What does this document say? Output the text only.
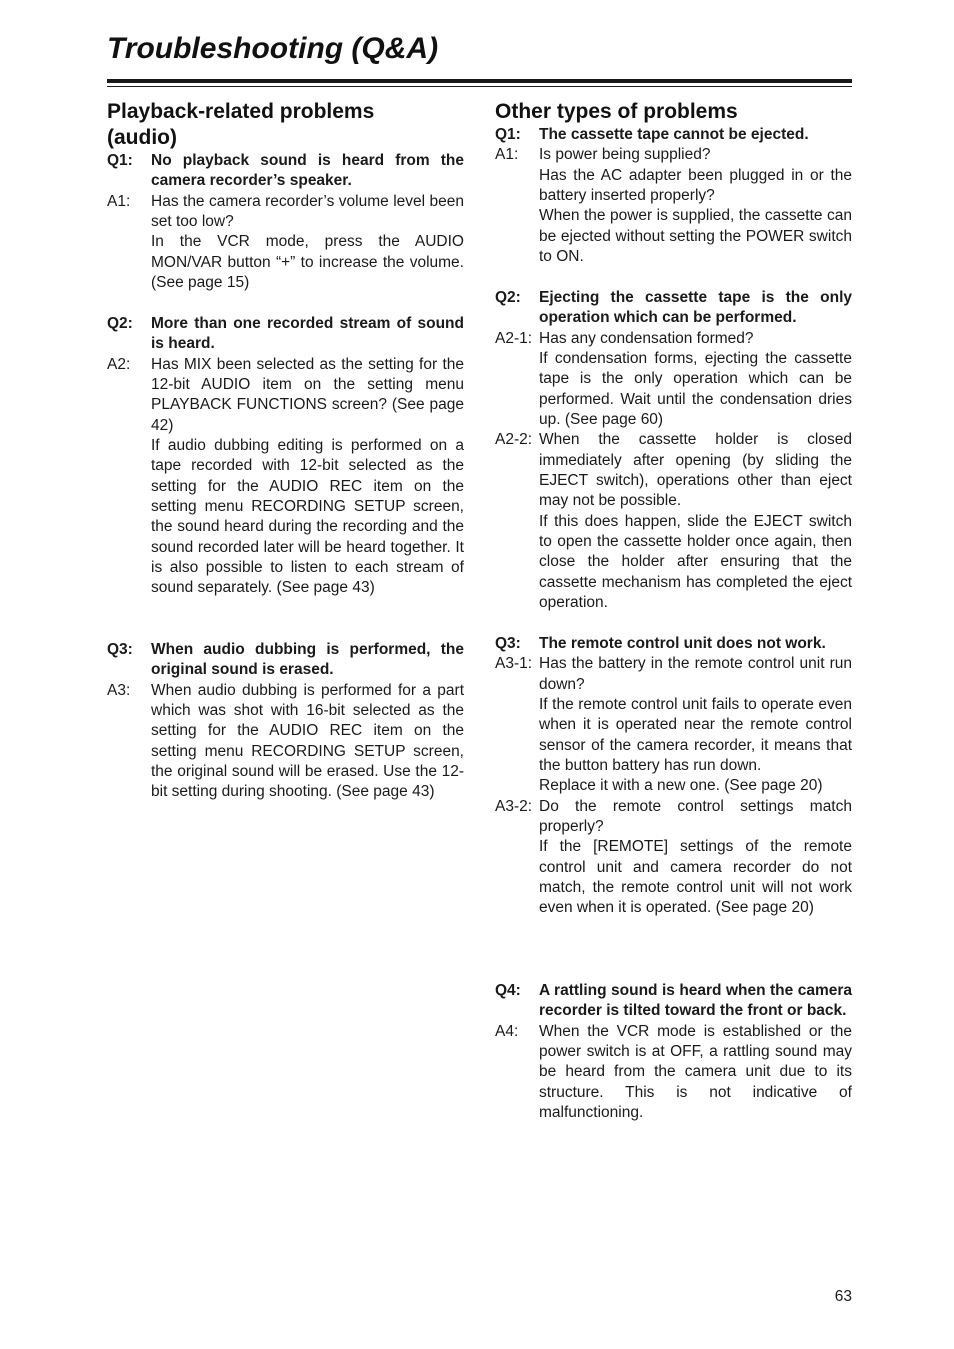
Troubleshooting (Q&A)
Playback-related problems (audio)
Q1:	No playback sound is heard from the camera recorder’s speaker.
A1:	Has the camera recorder’s volume level been set too low?
In the VCR mode, press the AUDIO MON/VAR button “+” to increase the volume. (See page 15)
Q2:	More than one recorded stream of sound is heard.
A2:	Has MIX been selected as the setting for the 12-bit AUDIO item on the setting menu PLAYBACK FUNCTIONS screen? (See page 42)
If audio dubbing editing is performed on a tape recorded with 12-bit selected as the setting for the AUDIO REC item on the setting menu RECORDING SETUP screen, the sound heard during the recording and the sound recorded later will be heard together. It is also possible to listen to each stream of sound separately. (See page 43)
Q3:	When audio dubbing is performed, the original sound is erased.
A3:	When audio dubbing is performed for a part which was shot with 16-bit selected as the setting for the AUDIO REC item on the setting menu RECORDING SETUP screen, the original sound will be erased. Use the 12-bit setting during shooting. (See page 43)
Other types of problems
Q1:	The cassette tape cannot be ejected.
A1:	Is power being supplied?
Has the AC adapter been plugged in or the battery inserted properly?
When the power is supplied, the cassette can be ejected without setting the POWER switch to ON.
Q2:	Ejecting the cassette tape is the only operation which can be performed.
A2-1: Has any condensation formed?
If condensation forms, ejecting the cassette tape is the only operation which can be performed. Wait until the condensation dries up. (See page 60)
A2-2: When the cassette holder is closed immediately after opening (by sliding the EJECT switch), operations other than eject may not be possible.
If this does happen, slide the EJECT switch to open the cassette holder once again, then close the holder after ensuring that the cassette mechanism has completed the eject operation.
Q3:	The remote control unit does not work.
A3-1: Has the battery in the remote control unit run down?
If the remote control unit fails to operate even when it is operated near the remote control sensor of the camera recorder, it means that the button battery has run down.
Replace it with a new one. (See page 20)
A3-2: Do the remote control settings match properly?
If the [REMOTE] settings of the remote control unit and camera recorder do not match, the remote control unit will not work even when it is operated. (See page 20)
Q4:	A rattling sound is heard when the camera recorder is tilted toward the front or back.
A4:	When the VCR mode is established or the power switch is at OFF, a rattling sound may be heard from the camera unit due to its structure. This is not indicative of malfunctioning.
63
